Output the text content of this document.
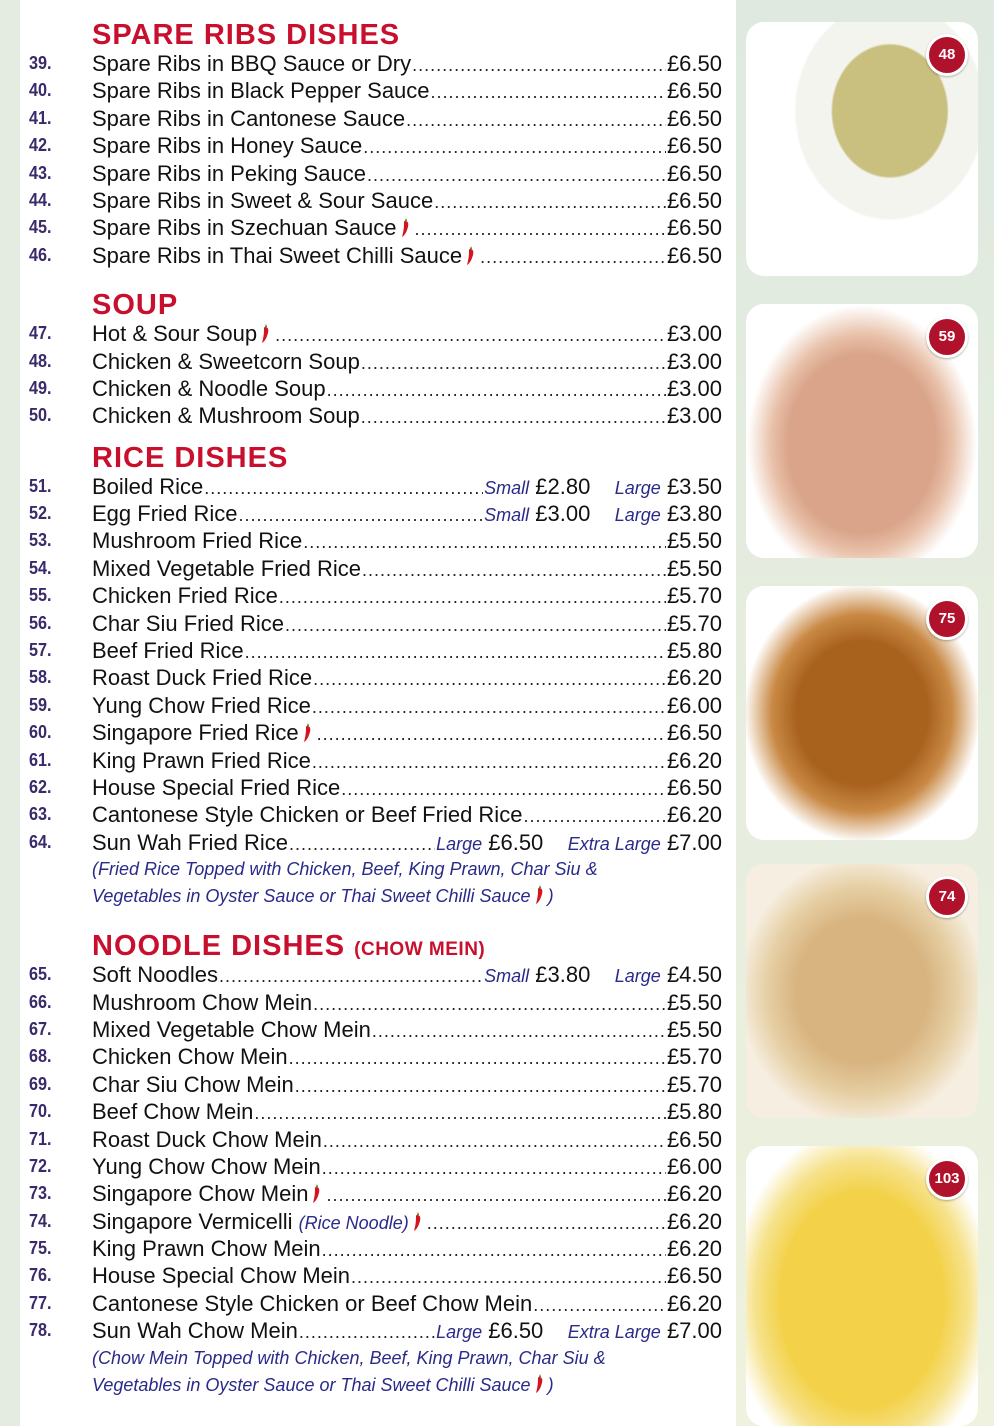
SPARE RIBS DISHES
39.	Spare Ribs in BBQ Sauce or Dry .....	£6.50
40.	Spare Ribs in Black Pepper Sauce .....	£6.50
41.	Spare Ribs in Cantonese Sauce .....	£6.50
42.	Spare Ribs in Honey Sauce .....	£6.50
43.	Spare Ribs in Peking Sauce .....	£6.50
44.	Spare Ribs in Sweet & Sour Sauce .....	£6.50
45.	Spare Ribs in Szechuan Sauce .....	£6.50
46.	Spare Ribs in Thai Sweet Chilli Sauce .....	£6.50
SOUP
47.	Hot & Sour Soup .....	£3.00
48.	Chicken & Sweetcorn Soup .....	£3.00
49.	Chicken & Noodle Soup .....	£3.00
50.	Chicken & Mushroom Soup .....	£3.00
RICE DISHES
51.	Boiled Rice .....	Small £2.80 Large £3.50
52.	Egg Fried Rice .....	Small £3.00 Large £3.80
53.	Mushroom Fried Rice .....	£5.50
54.	Mixed Vegetable Fried Rice .....	£5.50
55.	Chicken Fried Rice .....	£5.70
56.	Char Siu Fried Rice .....	£5.70
57.	Beef Fried Rice .....	£5.80
58.	Roast Duck Fried Rice .....	£6.20
59.	Yung Chow Fried Rice .....	£6.00
60.	Singapore Fried Rice .....	£6.50
61.	King Prawn Fried Rice .....	£6.20
62.	House Special Fried Rice .....	£6.50
63.	Cantonese Style Chicken or Beef Fried Rice .....	£6.20
64.	Sun Wah Fried Rice .....	Large £6.50 Extra Large £7.00
(Fried Rice Topped with Chicken, Beef, King Prawn, Char Siu &
Vegetables in Oyster Sauce or Thai Sweet Chilli Sauce )
NOODLE DISHES (CHOW MEIN)
65.	Soft Noodles .....	Small £3.80 Large £4.50
66.	Mushroom Chow Mein .....	£5.50
67.	Mixed Vegetable Chow Mein .....	£5.50
68.	Chicken Chow Mein .....	£5.70
69.	Char Siu Chow Mein .....	£5.70
70.	Beef Chow Mein .....	£5.80
71.	Roast Duck Chow Mein .....	£6.50
72.	Yung Chow Chow Mein .....	£6.00
73.	Singapore Chow Mein .....	£6.20
74.	Singapore Vermicelli (Rice Noodle) .....	£6.20
75.	King Prawn Chow Mein .....	£6.20
76.	House Special Chow Mein .....	£6.50
77.	Cantonese Style Chicken or Beef Chow Mein .....	£6.20
78.	Sun Wah Chow Mein .....	Large £6.50 Extra Large £7.00
(Chow Mein Topped with Chicken, Beef, King Prawn, Char Siu &
Vegetables in Oyster Sauce or Thai Sweet Chilli Sauce )
48
59
75
74
103
